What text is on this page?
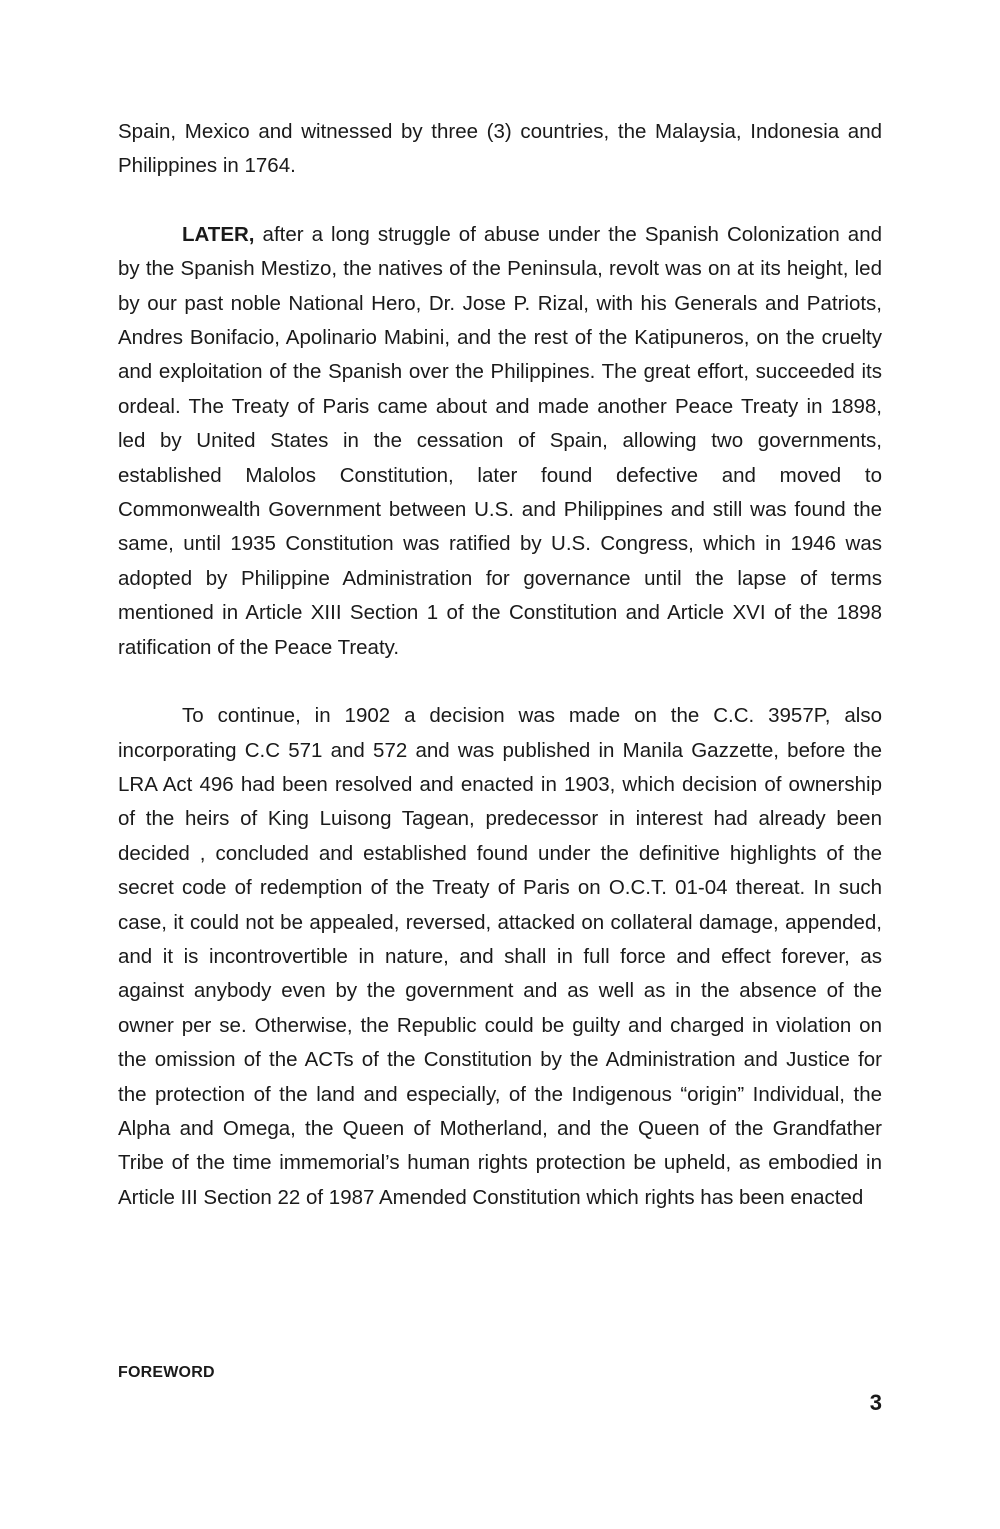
Spain, Mexico and witnessed by three (3) countries, the Malaysia, Indonesia and Philippines in 1764.

LATER, after a long struggle of abuse under the Spanish Colonization and by the Spanish Mestizo, the natives of the Peninsula, revolt was on at its height, led by our past noble National Hero, Dr. Jose P. Rizal, with his Generals and Patriots, Andres Bonifacio, Apolinario Mabini, and the rest of the Katipuneros, on the cruelty and exploitation of the Spanish over the Philippines. The great effort, succeeded its ordeal. The Treaty of Paris came about and made another Peace Treaty in 1898, led by United States in the cessation of Spain, allowing two governments, established Malolos Constitution, later found defective and moved to Commonwealth Government between U.S. and Philippines and still was found the same, until 1935 Constitution was ratified by U.S. Congress, which in 1946 was adopted by Philippine Administration for governance until the lapse of terms mentioned in Article XIII Section 1 of the Constitution and Article XVI of the 1898 ratification of the Peace Treaty.

To continue, in 1902 a decision was made on the C.C. 3957P, also incorporating C.C 571 and 572 and was published in Manila Gazzette, before the LRA Act 496 had been resolved and enacted in 1903, which decision of ownership of the heirs of King Luisong Tagean, predecessor in interest had already been decided , concluded and established found under the definitive highlights of the secret code of redemption of the Treaty of Paris on O.C.T. 01-04 thereat. In such case, it could not be appealed, reversed, attacked on collateral damage, appended, and it is incontrovertible in nature, and shall in full force and effect forever, as against anybody even by the government and as well as in the absence of the owner per se. Otherwise, the Republic could be guilty and charged in violation on the omission of the ACTs of the Constitution by the Administration and Justice for the protection of the land and especially, of the Indigenous “origin” Individual, the Alpha and Omega, the Queen of Motherland, and the Queen of the Grandfather Tribe of the time immemorial’s human rights protection be upheld, as embodied in Article III Section 22 of 1987 Amended Constitution which rights has been enacted

FOREWORD
3
